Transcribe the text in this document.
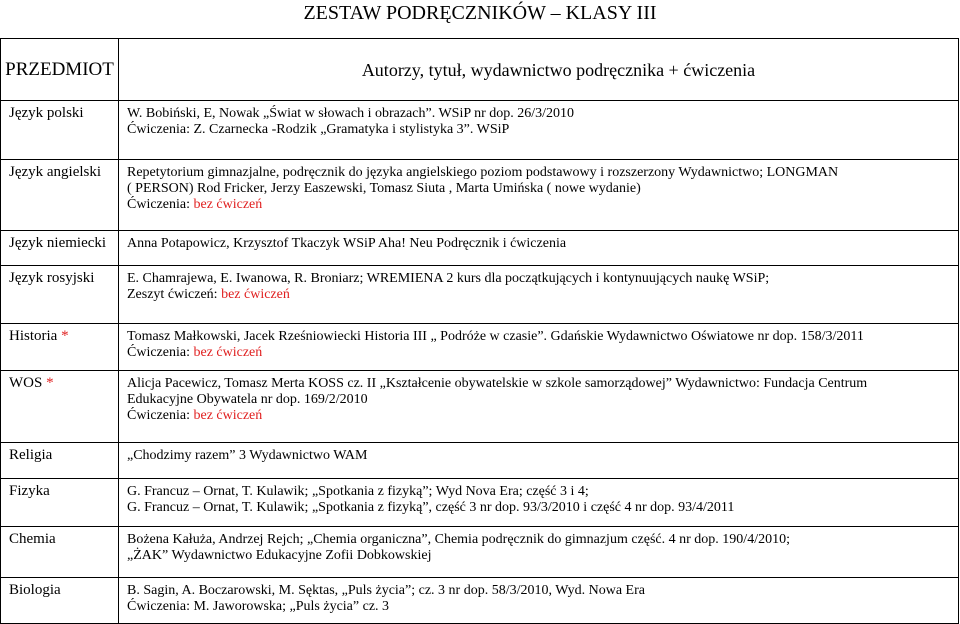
ZESTAW PODRĘCZNIKÓW – KLASY III
PRZEDMIOT	Autorzy, tytuł, wydawnictwo podręcznika + ćwiczenia

Język polski	W. Bobiński, E, Nowak „Świat w słowach i obrazach”. WSiP nr dop. 26/3/2010
Ćwiczenia: Z. Czarnecka -Rodzik „Gramatyka i stylistyka 3”. WSiP

Język angielski	Repetytorium gimnazjalne, podręcznik do języka angielskiego poziom podstawowy i rozszerzony Wydawnictwo; LONGMAN
( PERSON) Rod Fricker, Jerzy Easzewski, Tomasz Siuta , Marta Umińska ( nowe wydanie)
Ćwiczenia: bez ćwiczeń

Język niemiecki	Anna Potapowicz, Krzysztof Tkaczyk WSiP Aha! Neu Podręcznik i ćwiczenia

Język rosyjski	E. Chamrajewa, E. Iwanowa, R. Broniarz; WREMIENA 2 kurs dla początkujących i kontynuujących naukę WSiP;
Zeszyt ćwiczeń: bez ćwiczeń

Historia *	Tomasz Małkowski, Jacek Rześniowiecki Historia III „ Podróże w czasie”. Gdańskie Wydawnictwo Oświatowe nr dop. 158/3/2011
Ćwiczenia: bez ćwiczeń

WOS *	Alicja Pacewicz, Tomasz Merta KOSS cz. II „Kształcenie obywatelskie w szkole samorządowej” Wydawnictwo: Fundacja Centrum
Edukacyjne Obywatela nr dop. 169/2/2010
Ćwiczenia: bez ćwiczeń

Religia	„Chodzimy razem” 3 Wydawnictwo WAM

Fizyka	G. Francuz – Ornat, T. Kulawik; „Spotkania z fizyką”; Wyd Nova Era; część 3 i 4;
G. Francuz – Ornat, T. Kulawik; „Spotkania z fizyką”, część 3 nr dop. 93/3/2010 i część 4 nr dop. 93/4/2011

Chemia	Bożena Kałuża, Andrzej Rejch; „Chemia organiczna”, Chemia podręcznik do gimnazjum część. 4 nr dop. 190/4/2010;
„ŻAK” Wydawnictwo Edukacyjne Zofii Dobkowskiej

Biologia	B. Sagin, A. Boczarowski, M. Sęktas, „Puls życia”; cz. 3 nr dop. 58/3/2010, Wyd. Nowa Era
Ćwiczenia: M. Jaworowska; „Puls życia” cz. 3
